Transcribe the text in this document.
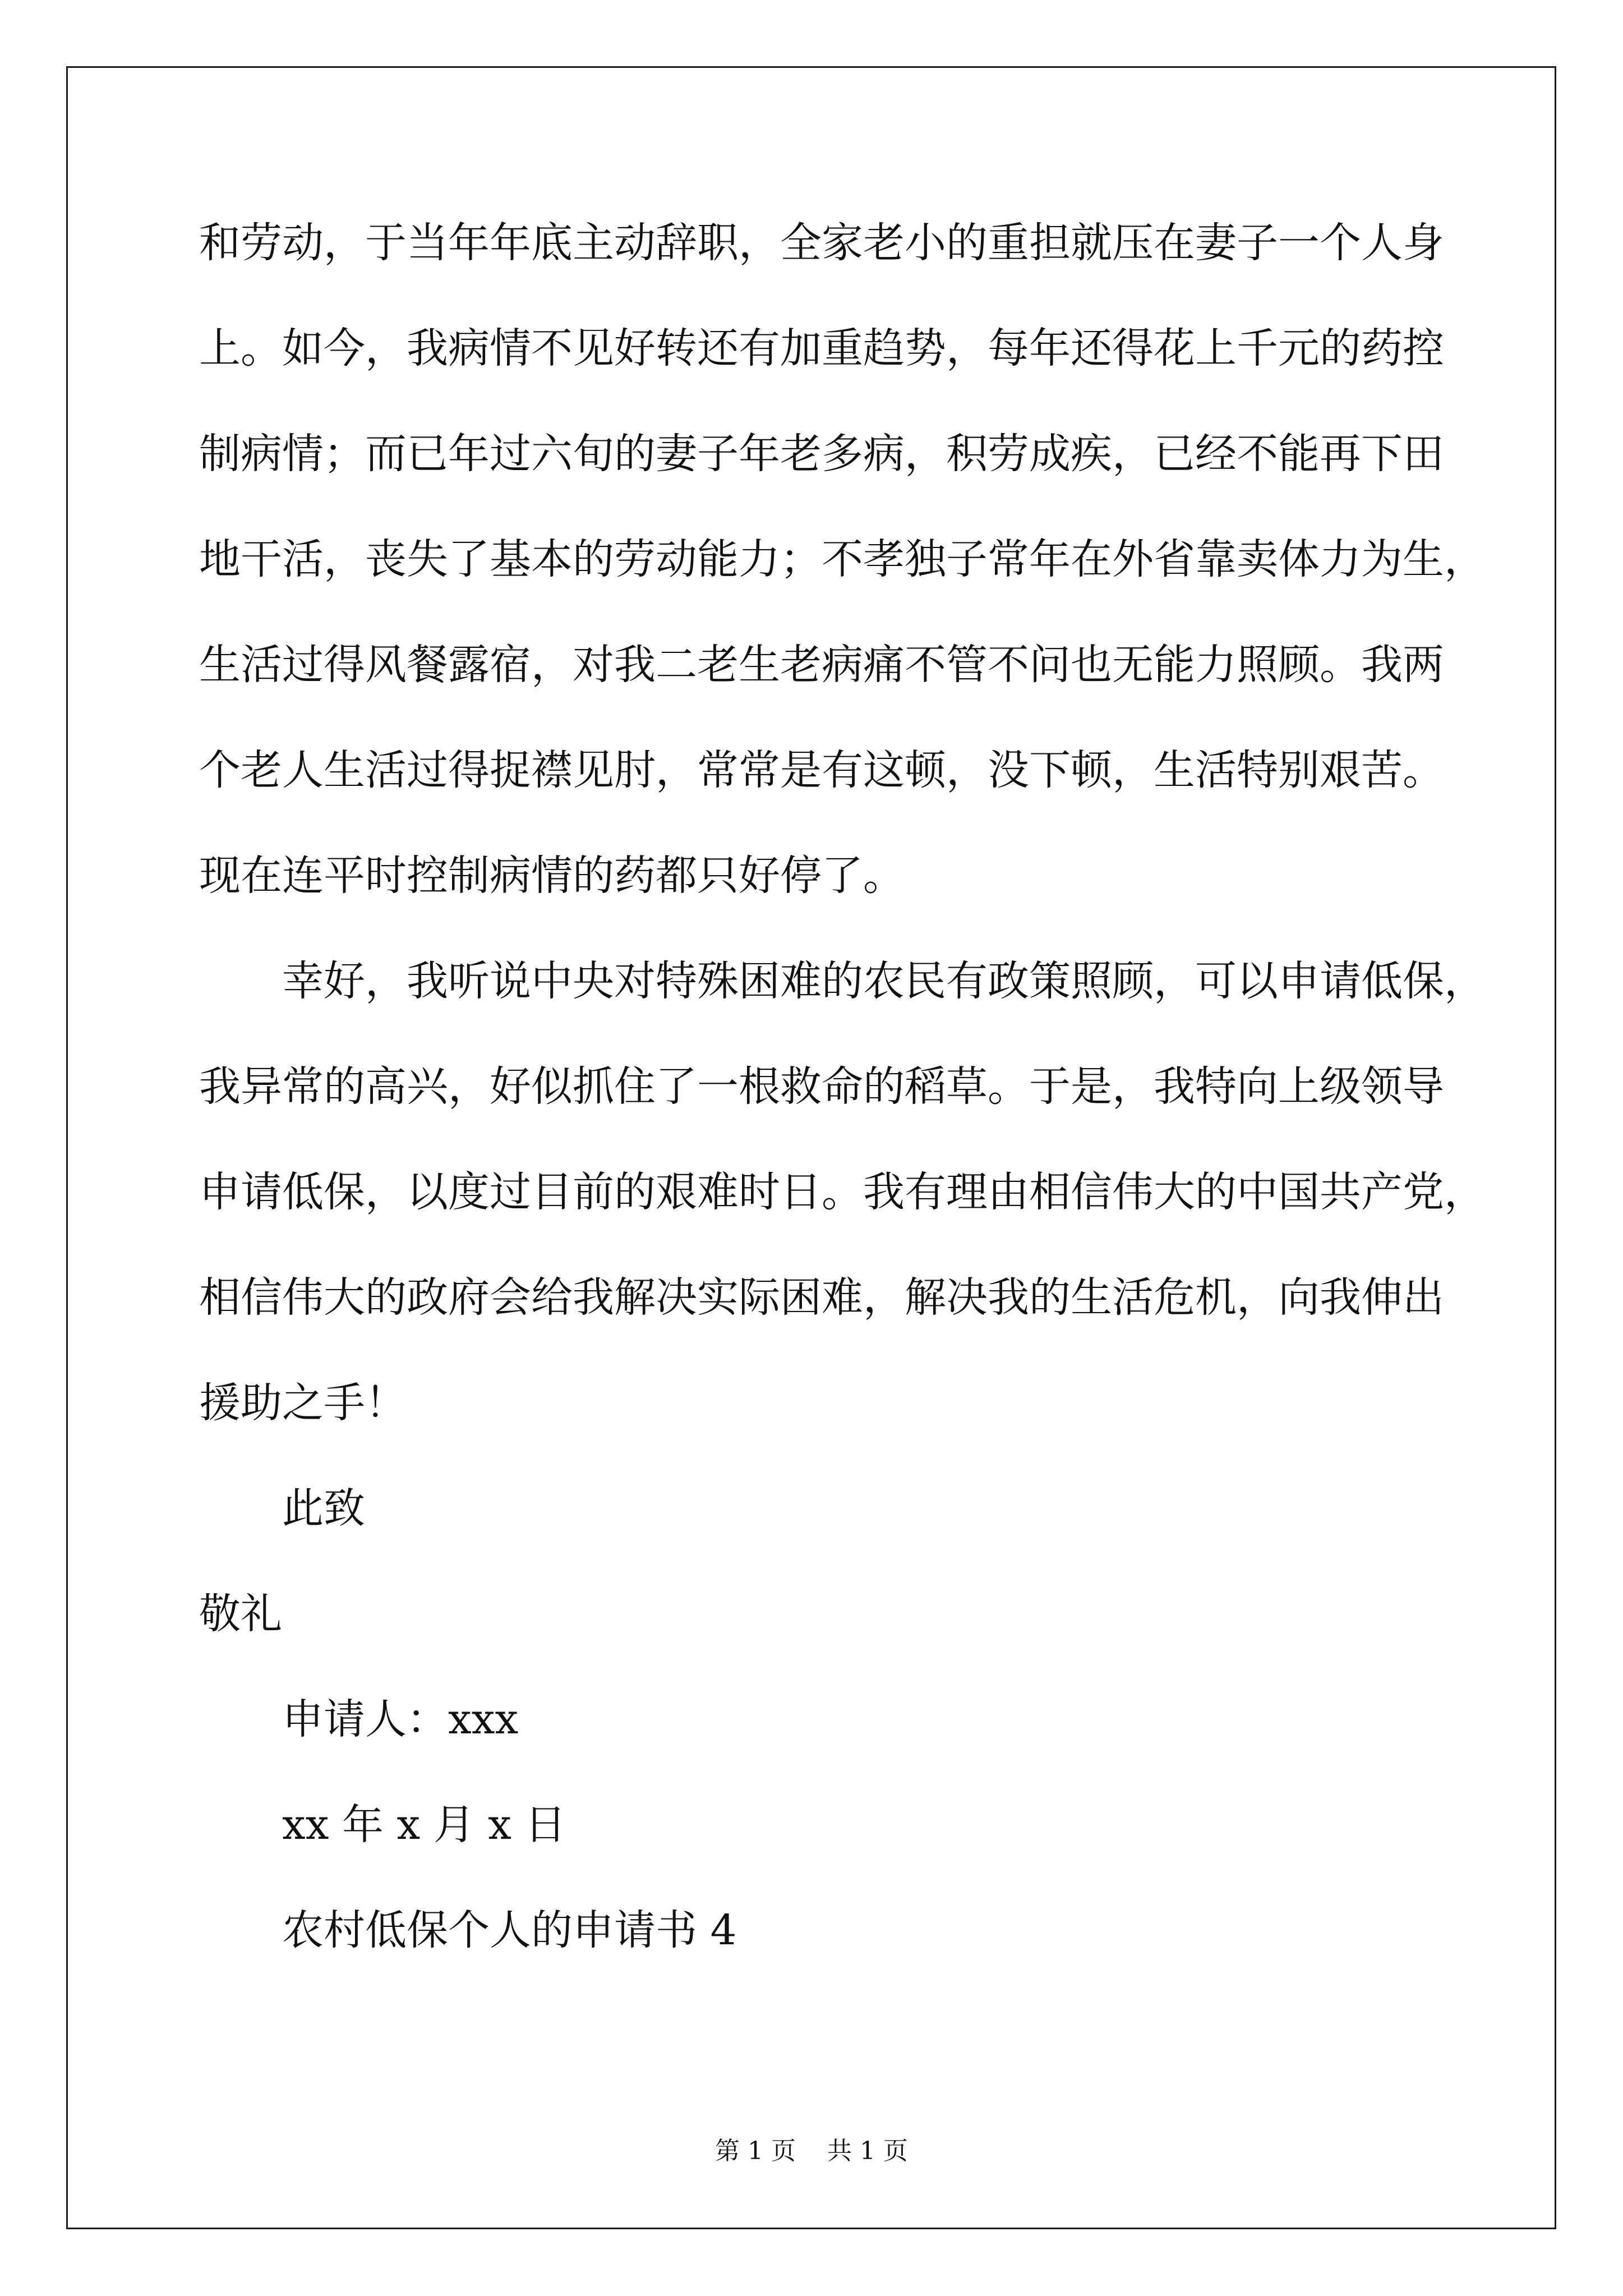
和劳动，于当年年底主动辞职，全家老小的重担就压在妻子一个人身
上。如今，我病情不见好转还有加重趋势，每年还得花上千元的药控
制病情；而已年过六旬的妻子年老多病，积劳成疾，已经不能再下田
地干活，丧失了基本的劳动能力；不孝独子常年在外省靠卖体力为生，
生活过得风餐露宿，对我二老生老病痛不管不问也无能力照顾。我两
个老人生活过得捉襟见肘，常常是有这顿，没下顿，生活特别艰苦。
现在连平时控制病情的药都只好停了。
幸好，我听说中央对特殊困难的农民有政策照顾，可以申请低保，
我异常的高兴，好似抓住了一根救命的稻草。于是，我特向上级领导
申请低保，以度过目前的艰难时日。我有理由相信伟大的中国共产党，
相信伟大的政府会给我解决实际困难，解决我的生活危机，向我伸出
援助之手！
此致
敬礼
申请人：xxx
xx 年 x 月 x 日
农村低保个人的申请书 4
第 1 页    共 1 页
